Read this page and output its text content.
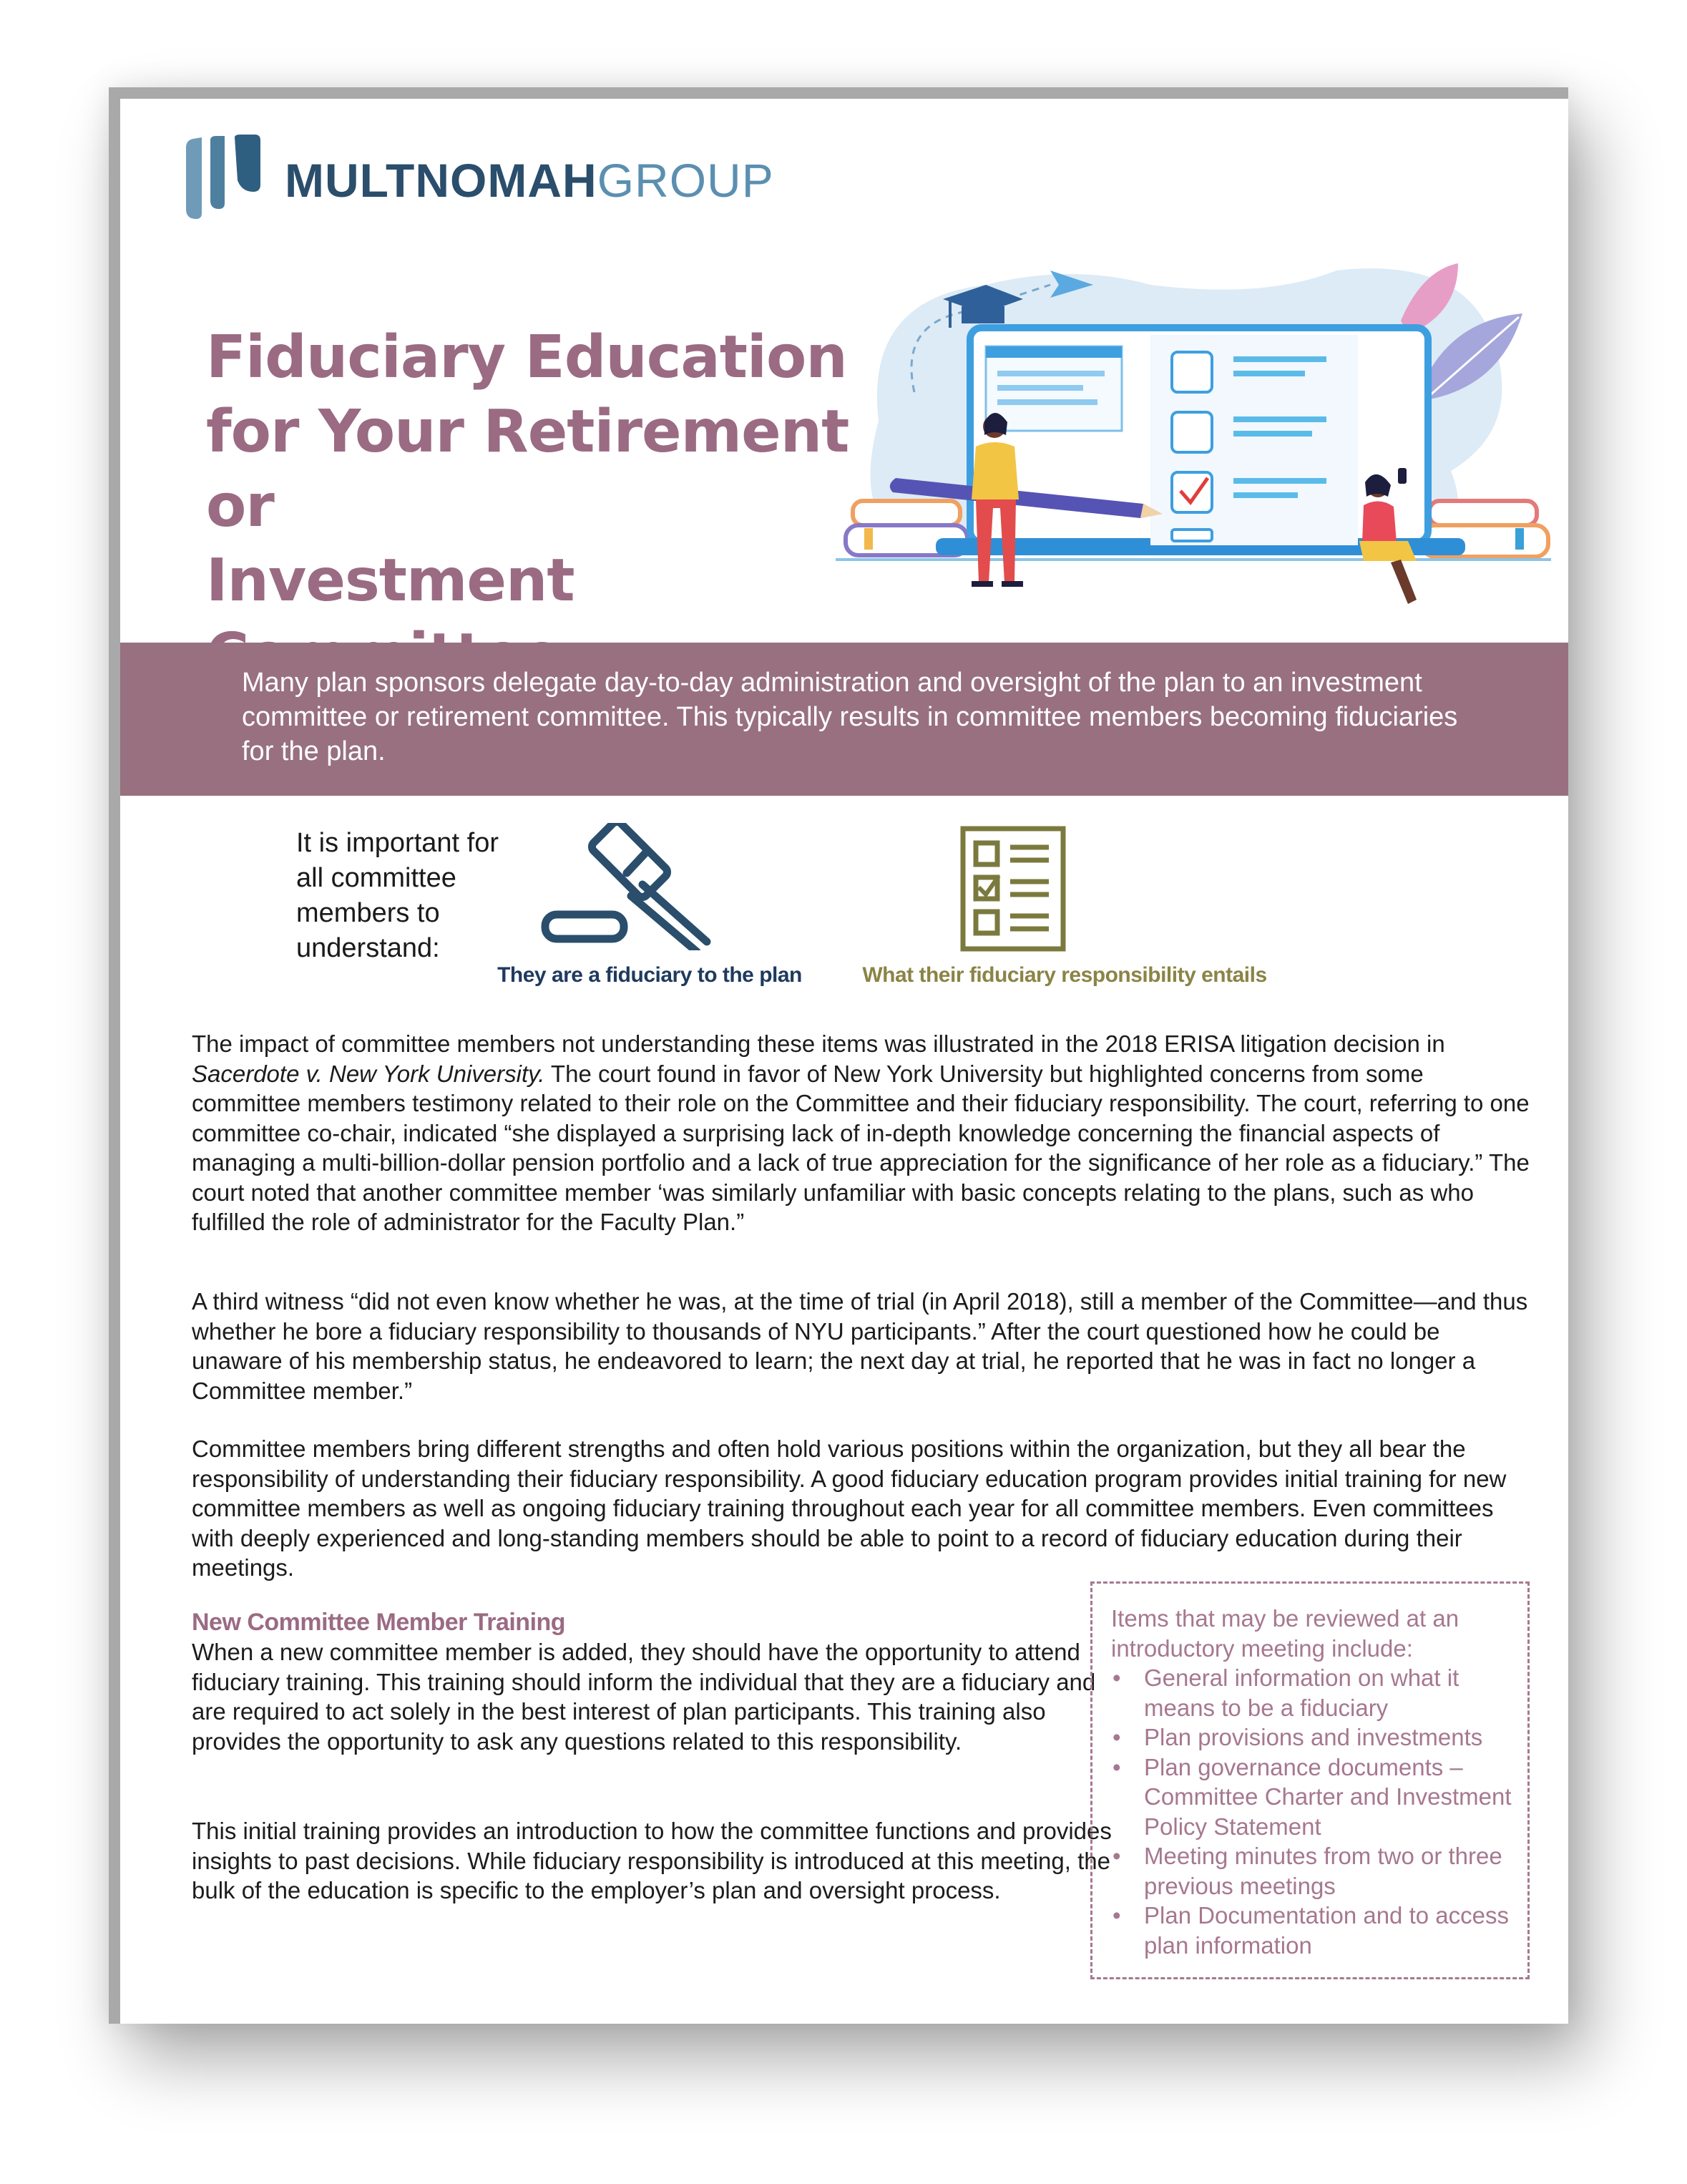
MULTNOMAHGROUP
Fiduciary Education
for Your Retirement or
Investment
Many plan sponsors delegate day-to-day administration and oversight of the plan to an investment committee or retirement committee. This typically results in committee members becoming fiduciaries for the plan.
It is important for
all committee
members to
understand:
They are a fiduciary to the plan	What their fiduciary responsibility entails

The impact of committee members not understanding these items was illustrated in the 2018 ERISA litigation decision in Sacerdote v. New York University. The court found in favor of New York University but highlighted concerns from some committee members testimony related to their role on the Committee and their fiduciary responsibility. The court, referring to one committee co-chair, indicated “she displayed a surprising lack of in-depth knowledge concerning the financial aspects of managing a multi-billion-dollar pension portfolio and a lack of true appreciation for the significance of her role as a fiduciary.” The court noted that another committee member ‘was similarly unfamiliar with basic concepts relating to the plans, such as who fulfilled the role of administrator for the Faculty Plan.”

A third witness “did not even know whether he was, at the time of trial (in April 2018), still a member of the Committee—and thus whether he bore a fiduciary responsibility to thousands of NYU participants.” After the court questioned how he could be unaware of his membership status, he endeavored to learn; the next day at trial, he reported that he was in fact no longer a Committee member.”

Committee members bring different strengths and often hold various positions within the organization, but they all bear the responsibility of understanding their fiduciary responsibility. A good fiduciary education program provides initial training for new committee members as well as ongoing fiduciary training throughout each year for all committee members. Even committees with deeply experienced and long-standing members should be able to point to a record of fiduciary education during their meetings.

New Committee Member Training

When a new committee member is added, they should have the opportunity to attend fiduciary training. This training should inform the individual that they are a fiduciary and are required to act solely in the best interest of plan participants. This training also provides the opportunity to ask any questions related to this responsibility.

This initial training provides an introduction to how the committee functions and provides insights to past decisions. While fiduciary responsibility is introduced at this meeting, the bulk of the education is specific to the employer’s plan and oversight process.

Items that may be reviewed at an introductory meeting include:

• General information on what it means to be a fiduciary
• Plan provisions and investments
• Plan governance documents – Committee Charter and Investment Policy Statement
• Meeting minutes from two or three previous meetings
• Plan Documentation and to access plan information
